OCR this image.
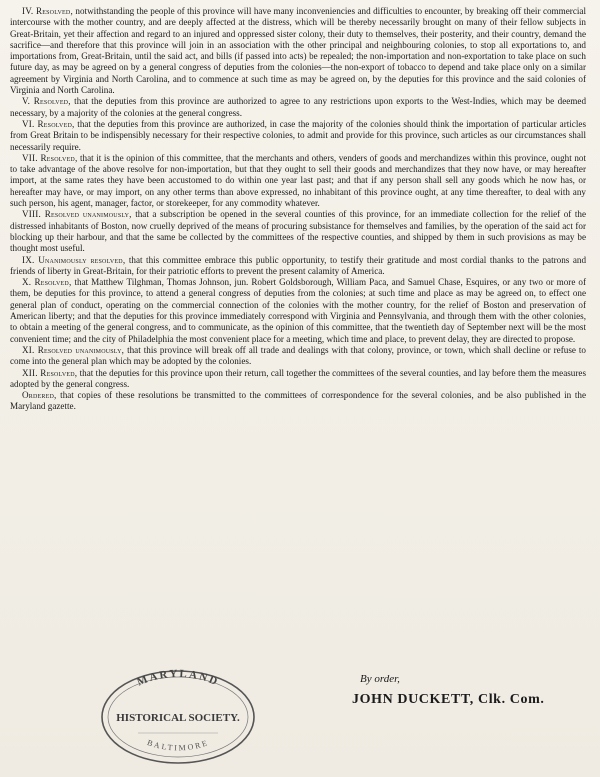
IV. Resolved, notwithstanding the people of this province will have many inconveniencies and difficulties to encounter, by breaking off their commercial intercourse with the mother country, and are deeply affected at the distress, which will be thereby necessarily brought on many of their fellow subjects in Great-Britain, yet their affection and regard to an injured and oppressed sister colony, their duty to themselves, their posterity, and their country, demand the sacrifice—and therefore that this province will join in an association with the other principal and neighbouring colonies, to stop all exportations to, and importations from, Great-Britain, until the said act, and bills (if passed into acts) be repealed; the non-importation and non-exportation to take place on such future day, as may be agreed on by a general congress of deputies from the colonies—the non-export of tobacco to depend and take place only on a similar agreement by Virginia and North Carolina, and to commence at such time as may be agreed on, by the deputies for this province and the said colonies of Virginia and North Carolina.

V. Resolved, that the deputies from this province are authorized to agree to any restrictions upon exports to the West-Indies, which may be deemed necessary, by a majority of the colonies at the general congress.

VI. Resolved, that the deputies from this province are authorized, in case the majority of the colonies should think the importation of particular articles from Great Britain to be indispensibly necessary for their respective colonies, to admit and provide for this province, such articles as our circumstances shall necessarily require.

VII. Resolved, that it is the opinion of this committee, that the merchants and others, venders of goods and merchandizes within this province, ought not to take advantage of the above resolve for non-importation, but that they ought to sell their goods and merchandizes that they now have, or may hereafter import, at the same rates they have been accustomed to do within one year last past; and that if any person shall sell any goods which he now has, or hereafter may have, or may import, on any other terms than above expressed, no inhabitant of this province ought, at any time thereafter, to deal with any such person, his agent, manager, factor, or storekeeper, for any commodity whatever.

VIII. Resolved unanimously, that a subscription be opened in the several counties of this province, for an immediate collection for the relief of the distressed inhabitants of Boston, now cruelly deprived of the means of procuring subsistance for themselves and families, by the operation of the said act for blocking up their harbour, and that the same be collected by the committees of the respective counties, and shipped by them in such provisions as may be thought most useful.

IX. Unanimously resolved, that this committee embrace this public opportunity, to testify their gratitude and most cordial thanks to the patrons and friends of liberty in Great-Britain, for their patriotic efforts to prevent the present calamity of America.

X. Resolved, that Matthew Tilghman, Thomas Johnson, jun. Robert Goldsborough, William Paca, and Samuel Chase, Esquires, or any two or more of them, be deputies for this province, to attend a general congress of deputies from the colonies; at such time and place as may be agreed on, to effect one general plan of conduct, operating on the commercial connection of the colonies with the mother country, for the relief of Boston and preservation of American liberty; and that the deputies for this province immediately correspond with Virginia and Pennsylvania, and through them with the other colonies, to obtain a meeting of the general congress, and to communicate, as the opinion of this committee, that the twentieth day of September next will be the most convenient time; and the city of Philadelphia the most convenient place for a meeting, which time and place, to prevent delay, they are directed to propose.

XI. Resolved unanimously, that this province will break off all trade and dealings with that colony, province, or town, which shall decline or refuse to come into the general plan which may be adopted by the colonies.

XII. Resolved, that the deputies for this province upon their return, call together the committees of the several counties, and lay before them the measures adopted by the general congress.

Ordered, that copies of these resolutions be transmitted to the committees of correspondence for the several colonies, and be also published in the Maryland gazette.

By order,
JOHN DUCKETT, Clk. Com.
MARYLAND
HISTORICAL SOCIETY.
BALTIMORE
